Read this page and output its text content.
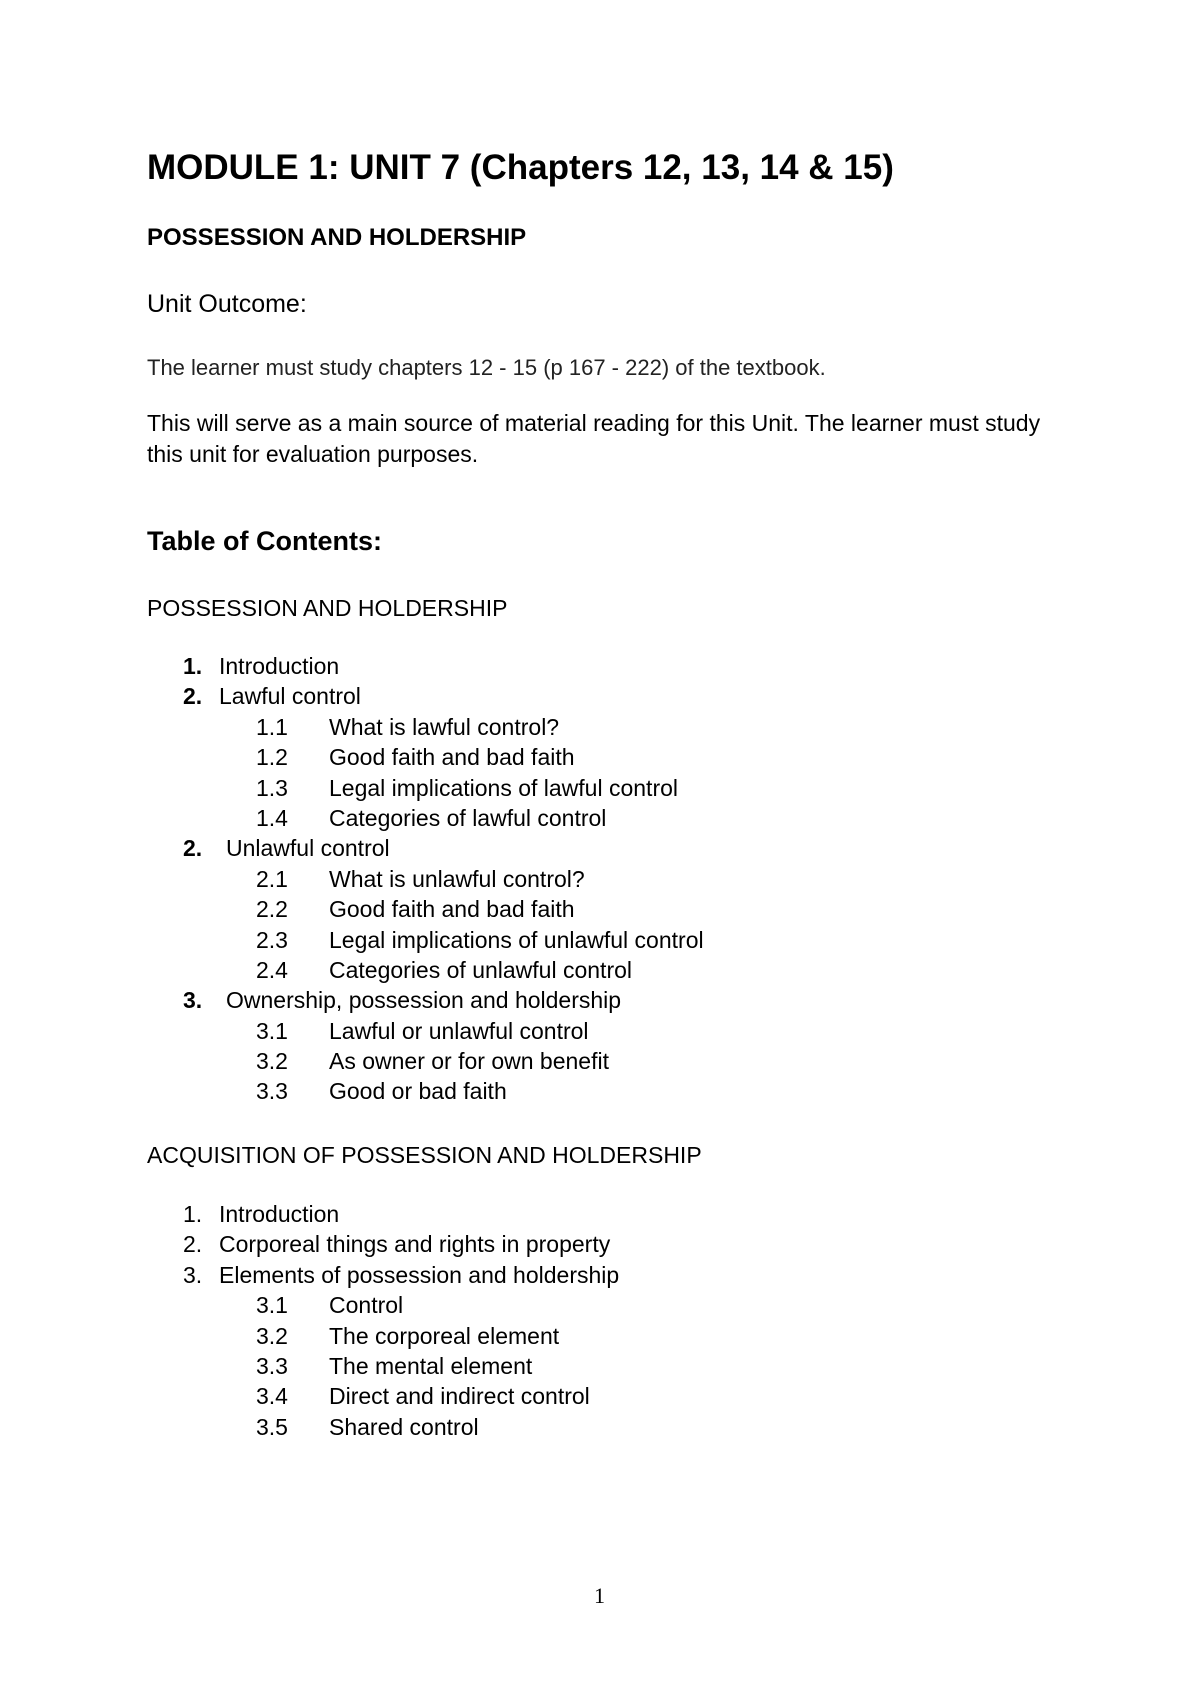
MODULE 1: UNIT 7 (Chapters 12, 13, 14 & 15)
POSSESSION AND HOLDERSHIP
Unit Outcome:

The learner must study chapters 12 - 15 (p 167 - 222) of the textbook.

This will serve as a main source of material reading for this Unit. The learner must study this unit for evaluation purposes.

Table of Contents:
POSSESSION AND HOLDERSHIP
1. Introduction
2. Lawful control
1.1 What is lawful control?
1.2 Good faith and bad faith
1.3 Legal implications of lawful control
1.4 Categories of lawful control
2. Unlawful control
2.1 What is unlawful control?
2.2 Good faith and bad faith
2.3 Legal implications of unlawful control
2.4 Categories of unlawful control
3. Ownership, possession and holdership
3.1 Lawful or unlawful control
3.2 As owner or for own benefit
3.3 Good or bad faith
ACQUISITION OF POSSESSION AND HOLDERSHIP
1. Introduction
2. Corporeal things and rights in property
3. Elements of possession and holdership
3.1 Control
3.2 The corporeal element
3.3 The mental element
3.4 Direct and indirect control
3.5 Shared control
1
